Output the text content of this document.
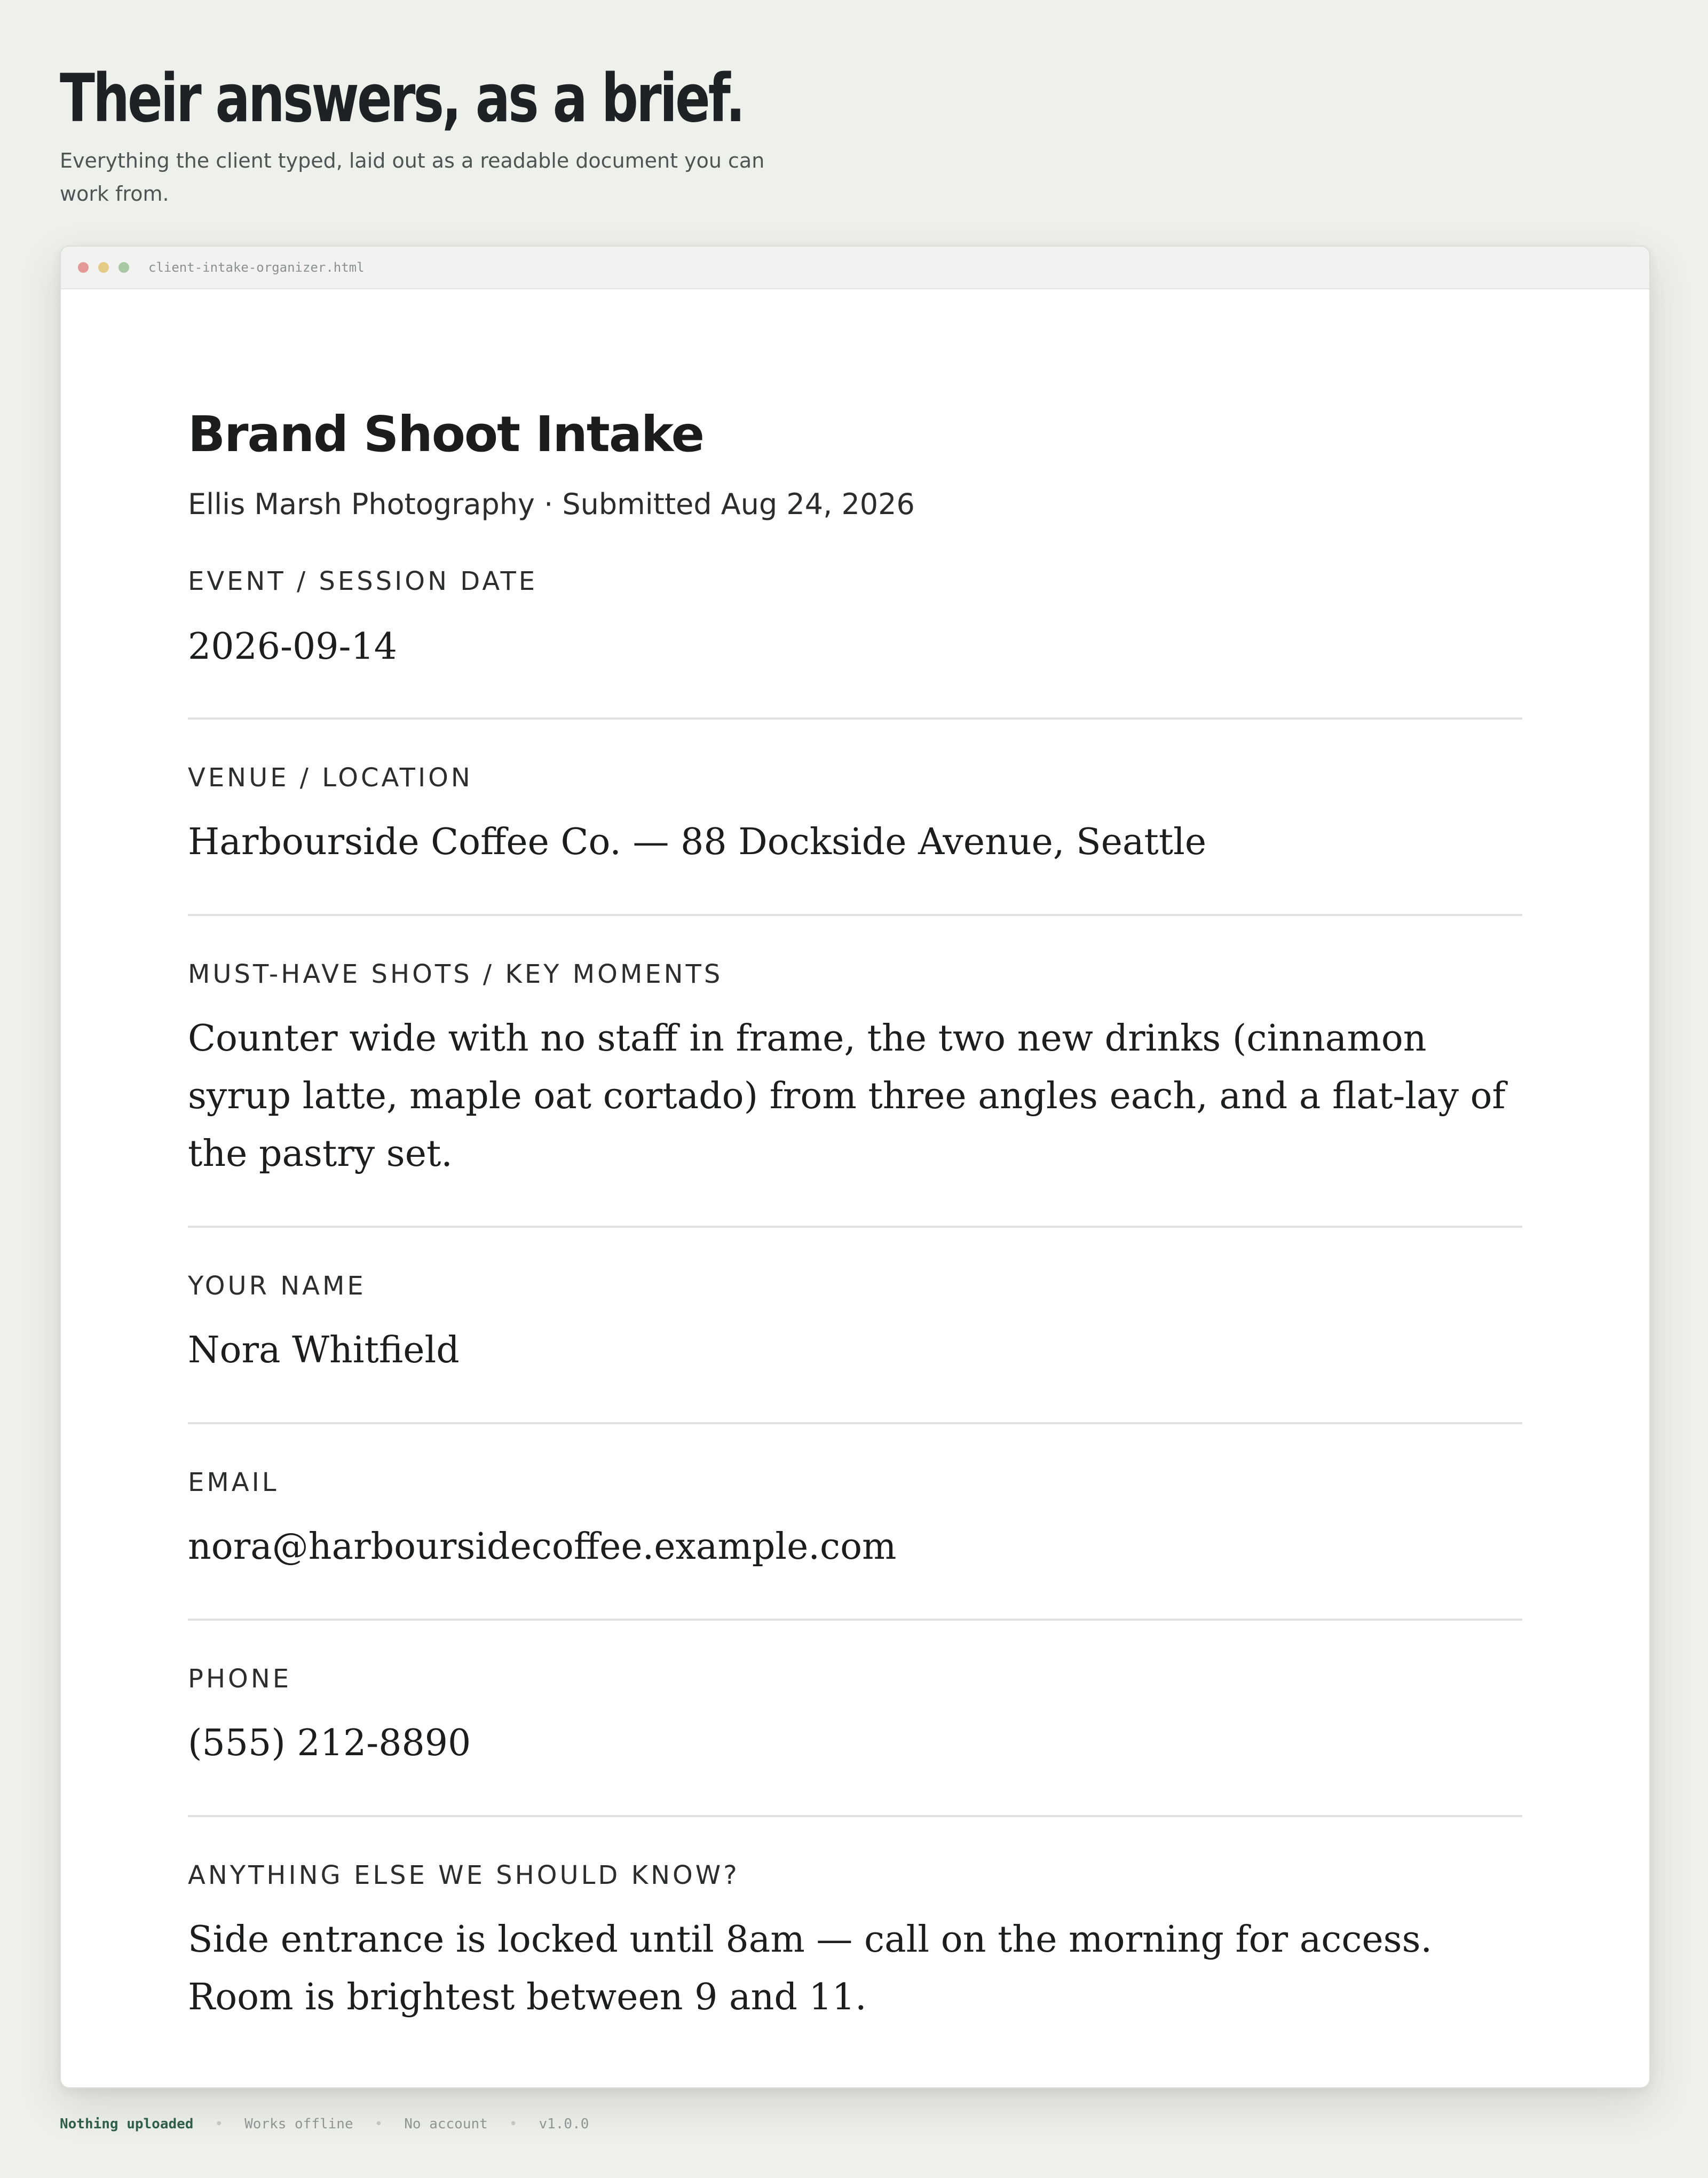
Their answers, as a brief.

Everything the client typed, laid out as a readable document you can work from.

client-intake-organizer.html
Brand Shoot Intake
Ellis Marsh Photography · Submitted Aug 24, 2026
EVENT / SESSION DATE
2026-09-14
VENUE / LOCATION
Harbourside Coffee Co. — 88 Dockside Avenue, Seattle
MUST-HAVE SHOTS / KEY MOMENTS
Counter wide with no staff in frame, the two new drinks (cinnamon syrup latte, maple oat cortado) from three angles each, and a flat-lay of the pastry set.
YOUR NAME
Nora Whitfield
EMAIL
nora@harboursidecoffee.example.com
PHONE
(555) 212-8890
ANYTHING ELSE WE SHOULD KNOW?
Side entrance is locked until 8am — call on the morning for access. Room is brightest between 9 and 11.
Nothing uploaded • Works offline • No account • v1.0.0
